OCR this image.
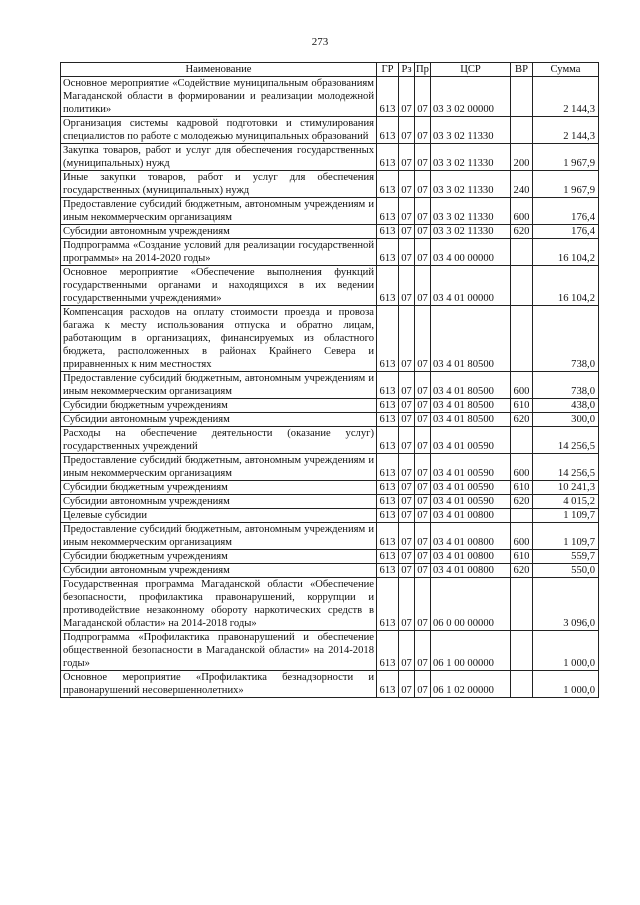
273
Наименование	ГР	Рз	Пр	ЦСР	ВР	Сумма
Основное мероприятие «Содействие муниципальным образованиям Магаданской области в формировании и реализации молодежной политики»	613	07	07	03 3 02 00000		2 144,3
Организация системы кадровой подготовки и стимулирования специалистов по работе с молодежью муниципальных образований	613	07	07	03 3 02 11330		2 144,3
Закупка товаров, работ и услуг для обеспечения государственных (муниципальных) нужд	613	07	07	03 3 02 11330	200	1 967,9
Иные закупки товаров, работ и услуг для обеспечения государственных (муниципальных) нужд	613	07	07	03 3 02 11330	240	1 967,9
Предоставление субсидий бюджетным, автономным учреждениям и иным некоммерческим организациям	613	07	07	03 3 02 11330	600	176,4
Субсидии автономным учреждениям	613	07	07	03 3 02 11330	620	176,4
Подпрограмма «Создание условий для реализации государственной программы» на 2014-2020 годы»	613	07	07	03 4 00 00000		16 104,2
Основное мероприятие «Обеспечение выполнения функций государственными органами и находящихся в их ведении государственными учреждениями»	613	07	07	03 4 01 00000		16 104,2
Компенсация расходов на оплату стоимости проезда и провоза багажа к месту использования отпуска и обратно лицам, работающим в организациях, финансируемых из областного бюджета, расположенных в районах Крайнего Севера и приравненных к ним местностях	613	07	07	03 4 01 80500		738,0
Предоставление субсидий бюджетным, автономным учреждениям и иным некоммерческим организациям	613	07	07	03 4 01 80500	600	738,0
Субсидии бюджетным учреждениям	613	07	07	03 4 01 80500	610	438,0
Субсидии автономным учреждениям	613	07	07	03 4 01 80500	620	300,0
Расходы на обеспечение деятельности (оказание услуг) государственных учреждений	613	07	07	03 4 01 00590		14 256,5
Предоставление субсидий бюджетным, автономным учреждениям и иным некоммерческим организациям	613	07	07	03 4 01 00590	600	14 256,5
Субсидии бюджетным учреждениям	613	07	07	03 4 01 00590	610	10 241,3
Субсидии автономным учреждениям	613	07	07	03 4 01 00590	620	4 015,2
Целевые субсидии	613	07	07	03 4 01 00800		1 109,7
Предоставление субсидий бюджетным, автономным учреждениям и иным некоммерческим организациям	613	07	07	03 4 01 00800	600	1 109,7
Субсидии бюджетным учреждениям	613	07	07	03 4 01 00800	610	559,7
Субсидии автономным учреждениям	613	07	07	03 4 01 00800	620	550,0
Государственная программа Магаданской области «Обеспечение безопасности, профилактика правонарушений, коррупции и противодействие незаконному обороту наркотических средств в Магаданской области» на 2014-2018 годы»	613	07	07	06 0 00 00000		3 096,0
Подпрограмма «Профилактика правонарушений и обеспечение общественной безопасности в Магаданской области» на 2014-2018 годы»	613	07	07	06 1 00 00000		1 000,0
Основное мероприятие «Профилактика безнадзорности и правонарушений несовершеннолетних»	613	07	07	06 1 02 00000		1 000,0
